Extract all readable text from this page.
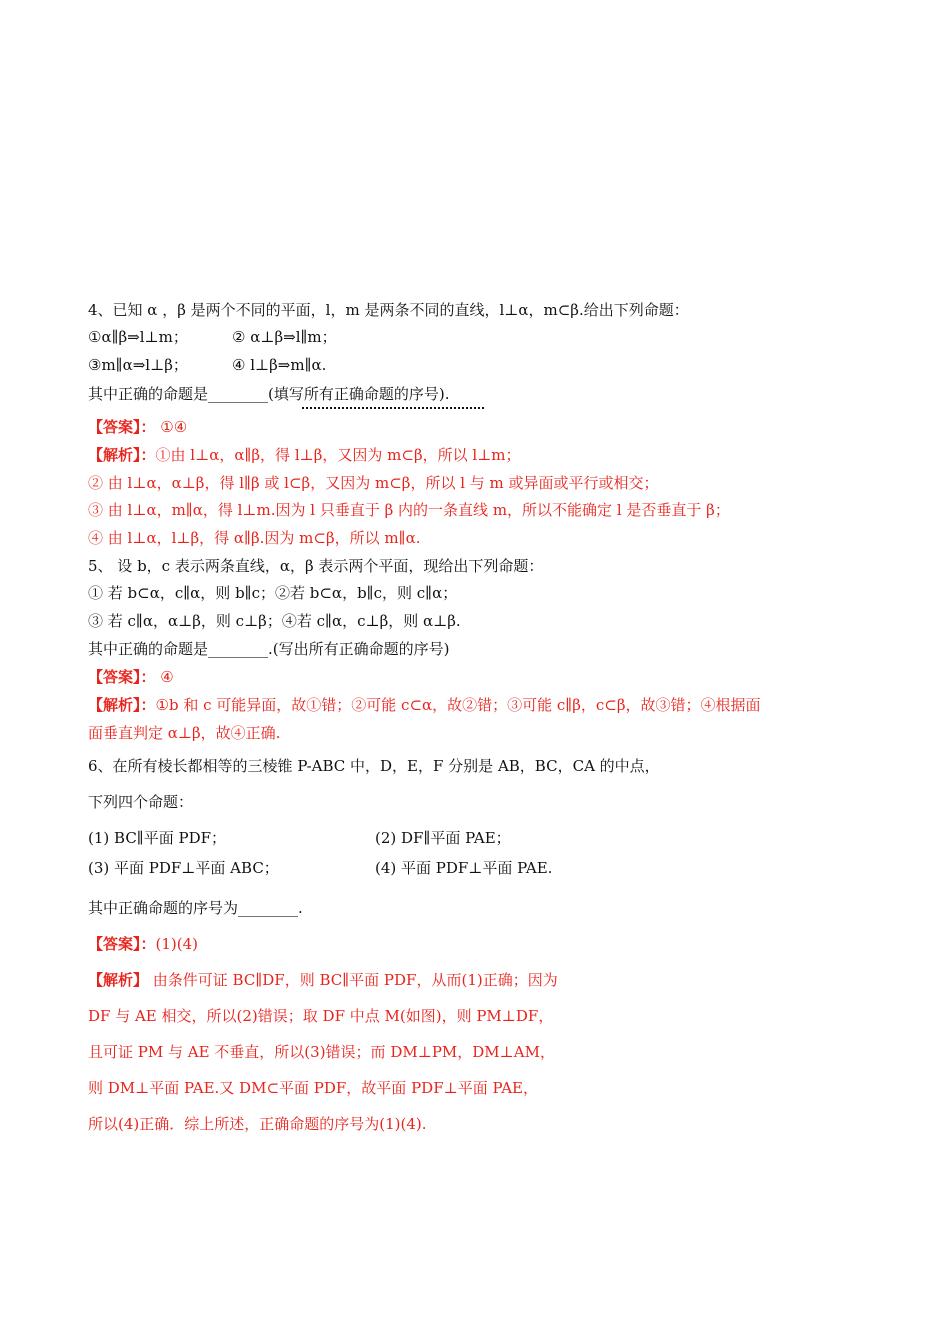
4、已知 α ，β 是两个不同的平面，l，m 是两条不同的直线，l⊥α，m⊂β.给出下列命题：
①α∥β⇒l⊥m；	② α⊥β⇒l∥m；
③m∥α⇒l⊥β；	④ l⊥β⇒m∥α.
其中正确的命题是________(填写所有正确命题的序号).
【答案】： ①④
【解析】：①由 l⊥α，α∥β，得 l⊥β，又因为 m⊂β，所以 l⊥m；
② 由 l⊥α，α⊥β，得 l∥β 或 l⊂β，又因为 m⊂β，所以 l 与 m 或异面或平行或相交；
③ 由 l⊥α，m∥α，得 l⊥m.因为 l 只垂直于 β 内的一条直线 m，所以不能确定 l 是否垂直于 β；
④ 由 l⊥α，l⊥β，得 α∥β.因为 m⊂β，所以 m∥α.
5、 设 b，c 表示两条直线，α，β 表示两个平面，现给出下列命题：
① 若 b⊂α，c∥α，则 b∥c；②若 b⊂α，b∥c，则 c∥α；
③ 若 c∥α，α⊥β，则 c⊥β；④若 c∥α，c⊥β，则 α⊥β.
其中正确的命题是________.(写出所有正确命题的序号)
【答案】： ④
【解析】：①b 和 c 可能异面，故①错；②可能 c⊂α，故②错；③可能 c∥β，c⊂β，故③错；④根据面
面垂直判定 α⊥β，故④正确.
6、在所有棱长都相等的三棱锥 P-ABC 中，D，E，F 分别是 AB，BC，CA 的中点，
下列四个命题：
(1) BC∥平面 PDF；	(2) DF∥平面 PAE；
(3) 平面 PDF⊥平面 ABC；	(4) 平面 PDF⊥平面 PAE.
其中正确命题的序号为________.
【答案】：(1)(4)
【解析】 由条件可证 BC∥DF，则 BC∥平面 PDF，从而(1)正确；因为
DF 与 AE 相交，所以(2)错误；取 DF 中点 M(如图)，则 PM⊥DF，
且可证 PM 与 AE 不垂直，所以(3)错误；而 DM⊥PM，DM⊥AM，
则 DM⊥平面 PAE.又 DM⊂平面 PDF，故平面 PDF⊥平面 PAE，
所以(4)正确．综上所述，正确命题的序号为(1)(4).
